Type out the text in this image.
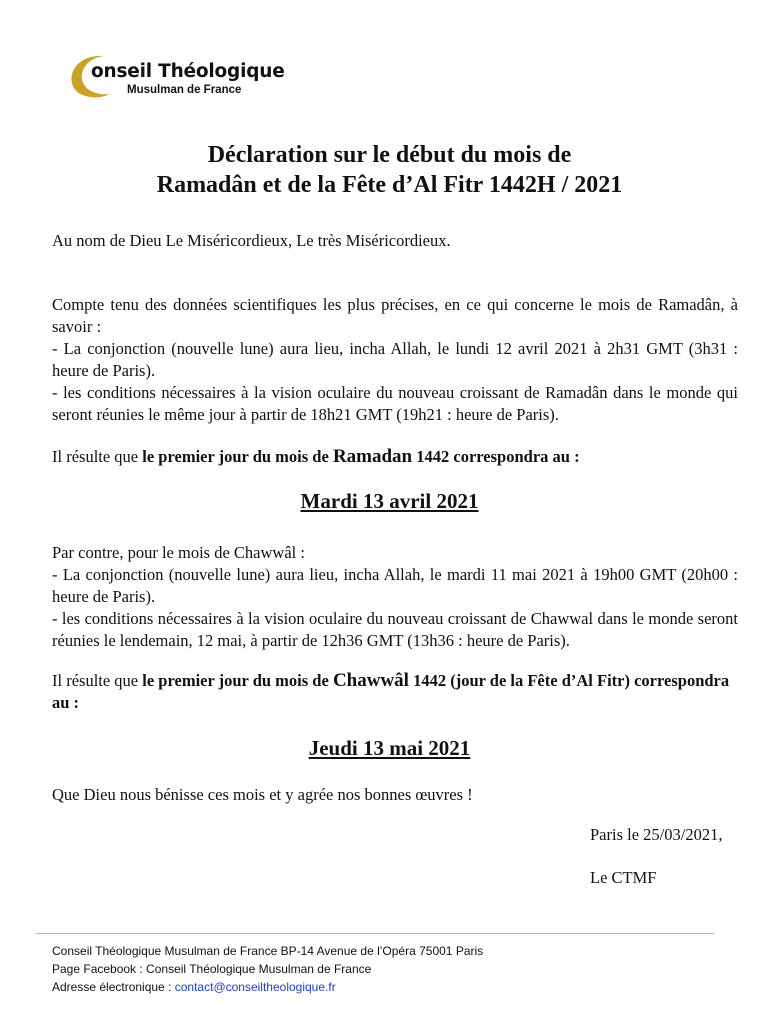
onseil Théologique
Musulman de France
Déclaration sur le début du mois de
Ramadân et de la Fête d’Al Fitr 1442H / 2021

Au nom de Dieu Le Miséricordieux, Le très Miséricordieux.

Compte tenu des données scientifiques les plus précises, en ce qui concerne le mois de Ramadân, à savoir :

- La conjonction (nouvelle lune) aura lieu, incha Allah, le lundi 12 avril 2021 à 2h31 GMT (3h31 : heure de Paris).

- les conditions nécessaires à la vision oculaire du nouveau croissant de Ramadân dans le monde qui seront réunies le même jour à partir de 18h21 GMT (19h21 : heure de Paris).

Il résulte que le premier jour du mois de Ramadan 1442 correspondra au :

Mardi 13 avril 2021

Par contre, pour le mois de Chawwâl :

- La conjonction (nouvelle lune) aura lieu, incha Allah, le mardi 11 mai 2021 à 19h00 GMT (20h00 : heure de Paris).

- les conditions nécessaires à la vision oculaire du nouveau croissant de Chawwal dans le monde seront réunies le lendemain, 12 mai, à partir de 12h36 GMT (13h36 : heure de Paris).

Il résulte que le premier jour du mois de Chawwâl 1442 (jour de la Fête d’Al Fitr) correspondra au :

Jeudi 13 mai 2021

Que Dieu nous bénisse ces mois et y agrée nos bonnes œuvres !

Paris le 25/03/2021,

Le CTMF

Conseil Théologique Musulman de France BP-14 Avenue de l’Opéra 75001 Paris

Page Facebook : Conseil Théologique Musulman de France

Adresse électronique : contact@conseiltheologique.fr
